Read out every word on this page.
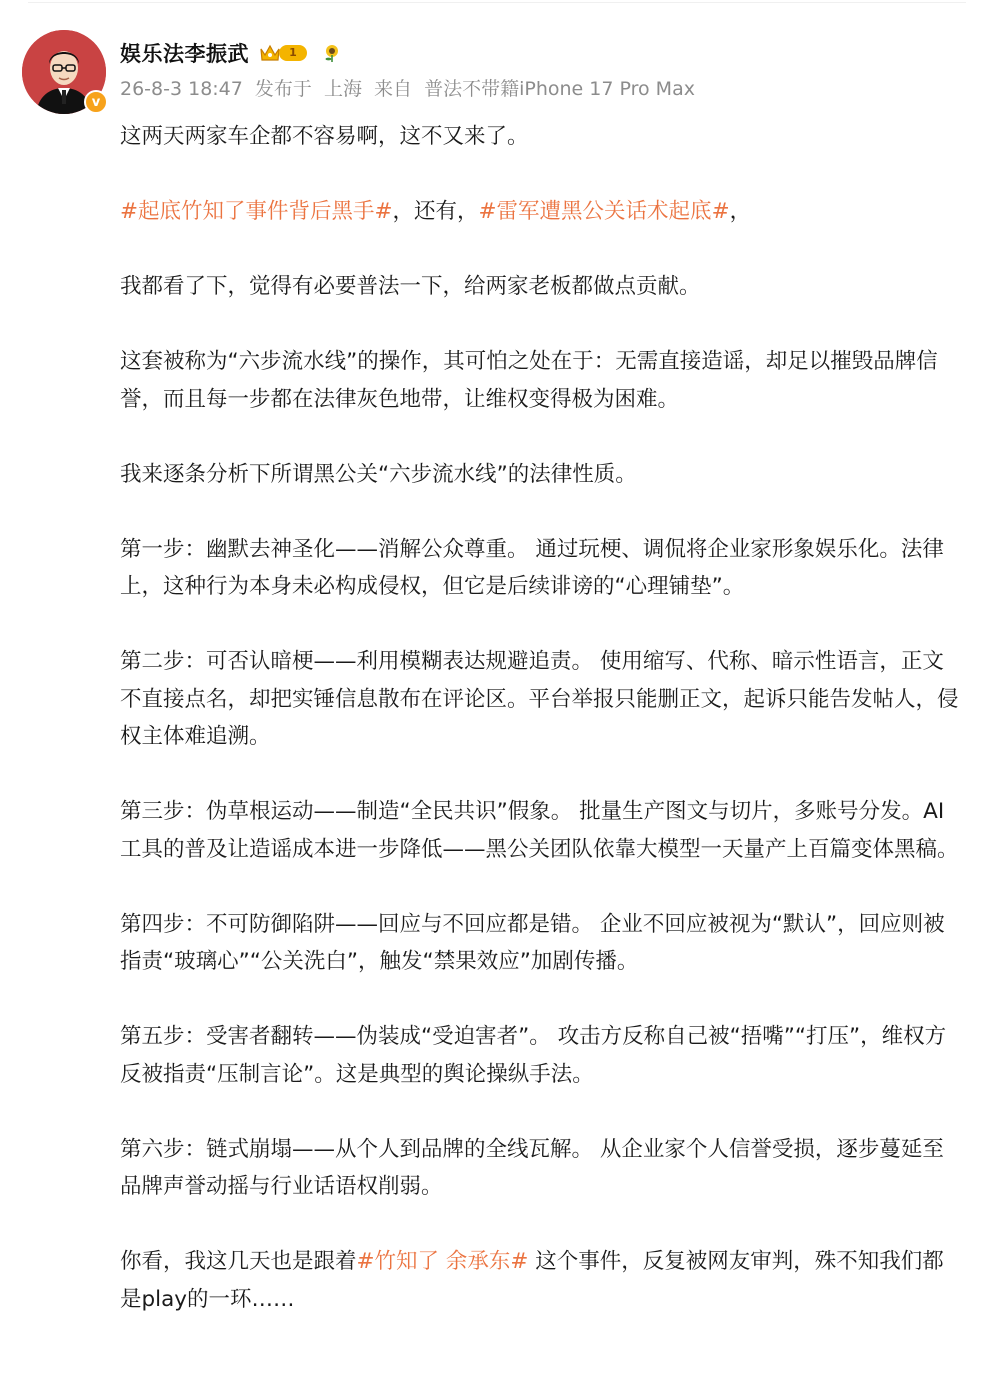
v
娱乐法李振武	1
26-8-3 18:47 发布于 上海 来自 普法不带籍iPhone 17 Pro Max

这两天两家车企都不容易啊，这不又来了。

#起底竹知了事件背后黑手#，还有，#雷军遭黑公关话术起底#，

我都看了下，觉得有必要普法一下，给两家老板都做点贡献。

这套被称为“六步流水线”的操作，其可怕之处在于：无需直接造谣，却足以摧毁品牌信誉，而且每一步都在法律灰色地带，让维权变得极为困难。

我来逐条分析下所谓黑公关“六步流水线”的法律性质。

第一步：幽默去神圣化——消解公众尊重。 通过玩梗、调侃将企业家形象娱乐化。法律上，这种行为本身未必构成侵权，但它是后续诽谤的“心理铺垫”。

第二步：可否认暗梗——利用模糊表达规避追责。 使用缩写、代称、暗示性语言，正文不直接点名，却把实锤信息散布在评论区。平台举报只能删正文，起诉只能告发帖人，侵权主体难追溯。

第三步：伪草根运动——制造“全民共识”假象。 批量生产图文与切片，多账号分发。AI工具的普及让造谣成本进一步降低——黑公关团队依靠大模型一天量产上百篇变体黑稿。

第四步：不可防御陷阱——回应与不回应都是错。 企业不回应被视为“默认”，回应则被指责“玻璃心”“公关洗白”，触发“禁果效应”加剧传播。

第五步：受害者翻转——伪装成“受迫害者”。 攻击方反称自己被“捂嘴”“打压”，维权方反被指责“压制言论”。这是典型的舆论操纵手法。

第六步：链式崩塌——从个人到品牌的全线瓦解。 从企业家个人信誉受损，逐步蔓延至品牌声誉动摇与行业话语权削弱。

你看，我这几天也是跟着#竹知了 余承东# 这个事件，反复被网友审判，殊不知我们都是play的一环……
